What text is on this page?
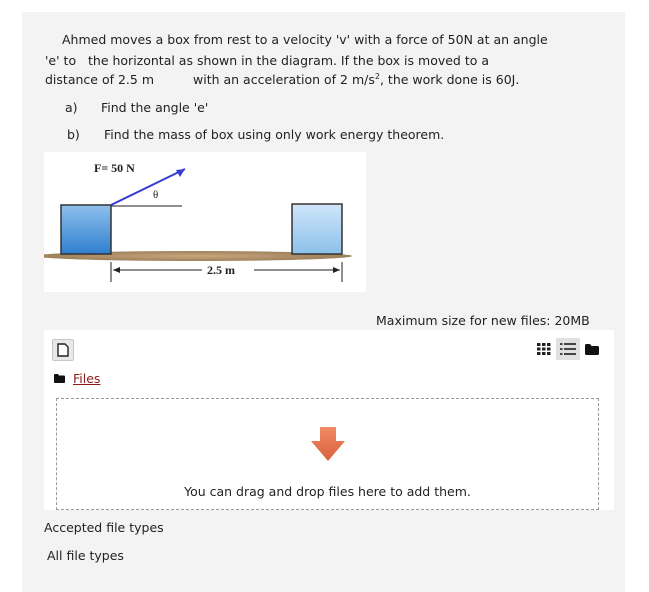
Ahmed moves a box from rest to a velocity 'v' with a force of 50N at an angle
'e' to the horizontal as shown in the diagram. If the box is moved to a
distance of 2.5 m	with an acceleration of 2 $m/s^2$, the work done is 60J.
a) Find the angle 'e'
b) Find the mass of box using only work energy theorem.
F= 50 N
θ
2.5 m
Maximum size for new files: 20MB
Files
You can drag and drop files here to add them.
Accepted file types
All file types
